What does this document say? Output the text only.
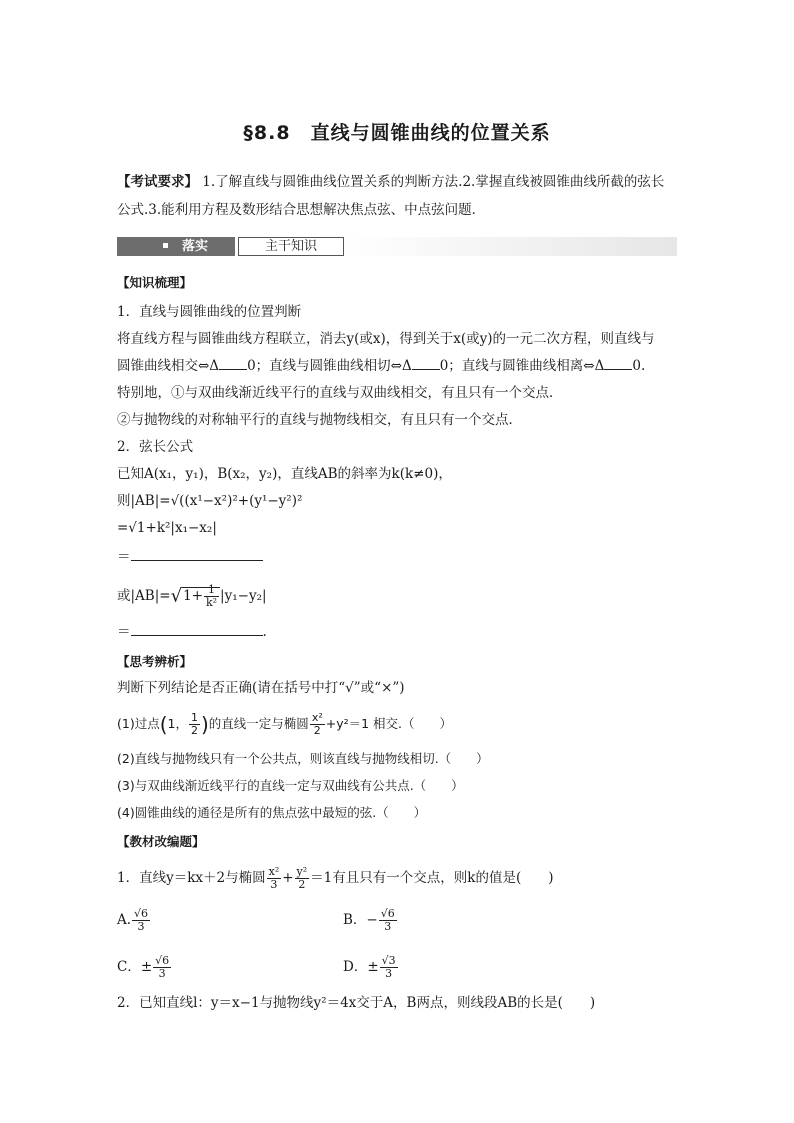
§8.8　直线与圆锥曲线的位置关系
【考试要求】 1.了解直线与圆锥曲线位置关系的判断方法.2.掌握直线被圆锥曲线所截的弦长
公式.3.能利用方程及数形结合思想解决焦点弦、中点弦问题．
落实	主干知识
【知识梳理】
1．直线与圆锥曲线的位置判断
将直线方程与圆锥曲线方程联立，消去y(或x)，得到关于x(或y)的一元二次方程，则直线与
圆锥曲线相交⇔Δ 0；直线与圆锥曲线相切⇔Δ 0；直线与圆锥曲线相离⇔Δ 0.
特别地，①与双曲线渐近线平行的直线与双曲线相交，有且只有一个交点．
②与抛物线的对称轴平行的直线与抛物线相交，有且只有一个交点．
2．弦长公式
已知A(x₁，y₁)，B(x₂，y₂)，直线AB的斜率为k(k≠0)，
则|AB|=√((x¹−x²)²+(y¹−y²)²
=√1+k²|x₁−x₂|
＝
或$|AB|=√1+ \frac{1}{\text{k²}} |y_1-y_2|$
＝	.
【思考辨析】
判断下列结论是否正确(请在括号中打“√”或“×”)
(1)过点(1， $\frac{1}{2}$ )的直线一定与椭圆 $\frac{\text{x²}}{2} +y^2=1$ 相交.（　　）
(2)直线与抛物线只有一个公共点，则该直线与抛物线相切.（　　）
(3)与双曲线渐近线平行的直线一定与双曲线有公共点.（　　）
(4)圆锥曲线的通径是所有的焦点弦中最短的弦.（　　）
【教材改编题】
1．直线y＝kx＋2与椭圆 $\frac{\text{x²}}{3} + \frac{\text{y²}}{2} =1$有且只有一个交点，则k的值是(　　)
A. $\frac{√6}{3}$	B．− $\frac{√6}{3}$
C．± $\frac{√6}{3}$	D．± $\frac{√3}{3}$
2．已知直线l：y＝x−1与抛物线y²＝4x交于A，B两点，则线段AB的长是(　　)
